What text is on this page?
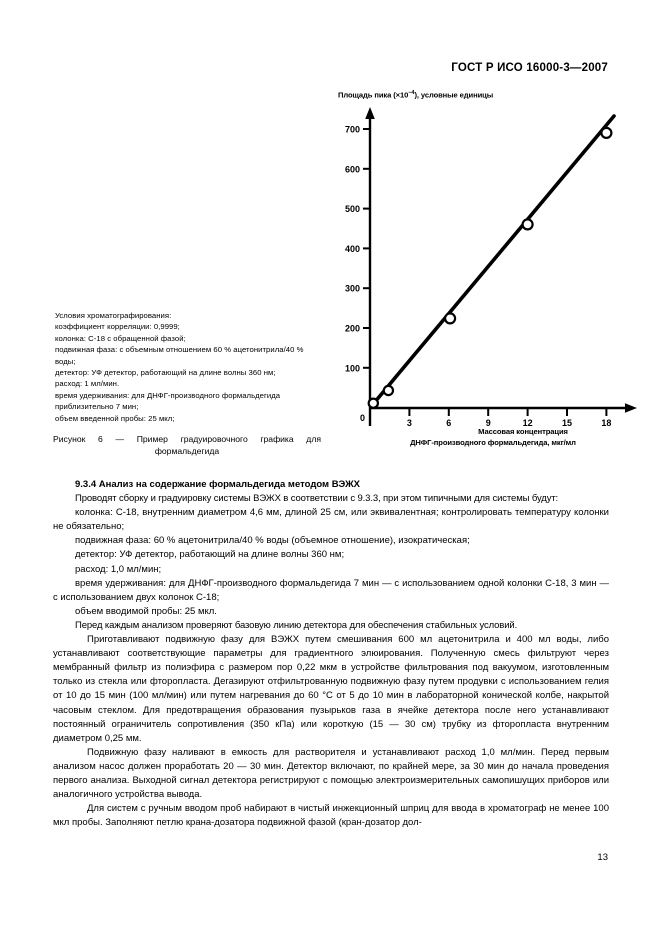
ГОСТ Р ИСО 16000-3—2007
Условия хроматографирования:
коэффициент корреляции: 0,9999;
колонка: С-18 с обращенной фазой;
подвижная фаза: с объемным отношением 60 % ацетонитрила/40 % воды;
детектор: УФ детектор, работающий на длине волны 360 нм;
расход: 1 мл/мин.
время удерживания: для ДНФГ-производного формальдегида приблизительно 7 мин;
объем введенной пробы: 25 мкл;
Рисунок 6 — Пример градуировочного графика для
формальдегида
Площадь пика $(\times 10^{-4})$, условные единицы
700
600
500
400
300
200
100
0	3	6	9	12	15	18
Массовая концентрация
ДНФГ-производного формальдегида, мкг/мл
9.3.4 Анализ на содержание формальдегида методом ВЭЖХ

Проводят сборку и градуировку системы ВЭЖХ в соответствии с 9.3.3, при этом типичными для системы будут:

колонка: С-18, внутренним диаметром 4,6 мм, длиной 25 см, или эквивалентная; контролировать температуру колонки не обязательно;

подвижная фаза: 60 % ацетонитрила/40 % воды (объемное отношение), изократическая;

детектор: УФ детектор, работающий на длине волны 360 нм;

расход: 1,0 мл/мин;

время удерживания: для ДНФГ-производного формальдегида 7 мин — с использованием одной колонки С-18, 3 мин — с использованием двух колонок С-18;

объем вводимой пробы: 25 мкл.

Перед каждым анализом проверяют базовую линию детектора для обеспечения стабильных условий.

Приготавливают подвижную фазу для ВЭЖХ путем смешивания 600 мл ацетонитрила и 400 мл воды, либо устанавливают соответствующие параметры для градиентного элюирования. Полученную смесь фильтруют через мембранный фильтр из полиэфира с размером пор 0,22 мкм в устройстве фильтрования под вакуумом, изготовленным только из стекла или фторопласта. Дегазируют отфильтрованную подвижную фазу путем продувки с использованием гелия от 10 до 15 мин (100 мл/мин) или путем нагревания до 60 °С от 5 до 10 мин в лабораторной конической колбе, накрытой часовым стеклом. Для предотвращения образования пузырьков газа в ячейке детектора после него устанавливают постоянный ограничитель сопротивления (350 кПа) или короткую (15 — 30 см) трубку из фторопласта внутренним диаметром 0,25 мм.

Подвижную фазу наливают в емкость для растворителя и устанавливают расход 1,0 мл/мин. Перед первым анализом насос должен проработать 20 — 30 мин. Детектор включают, по крайней мере, за 30 мин до начала проведения первого анализа. Выходной сигнал детектора регистрируют с помощью электроизмерительных самопишущих приборов или аналогичного устройства вывода.

Для систем с ручным вводом проб набирают в чистый инжекционный шприц для ввода в хроматограф не менее 100 мкл пробы. Заполняют петлю крана-дозатора подвижной фазой (кран-дозатор дол-

13
